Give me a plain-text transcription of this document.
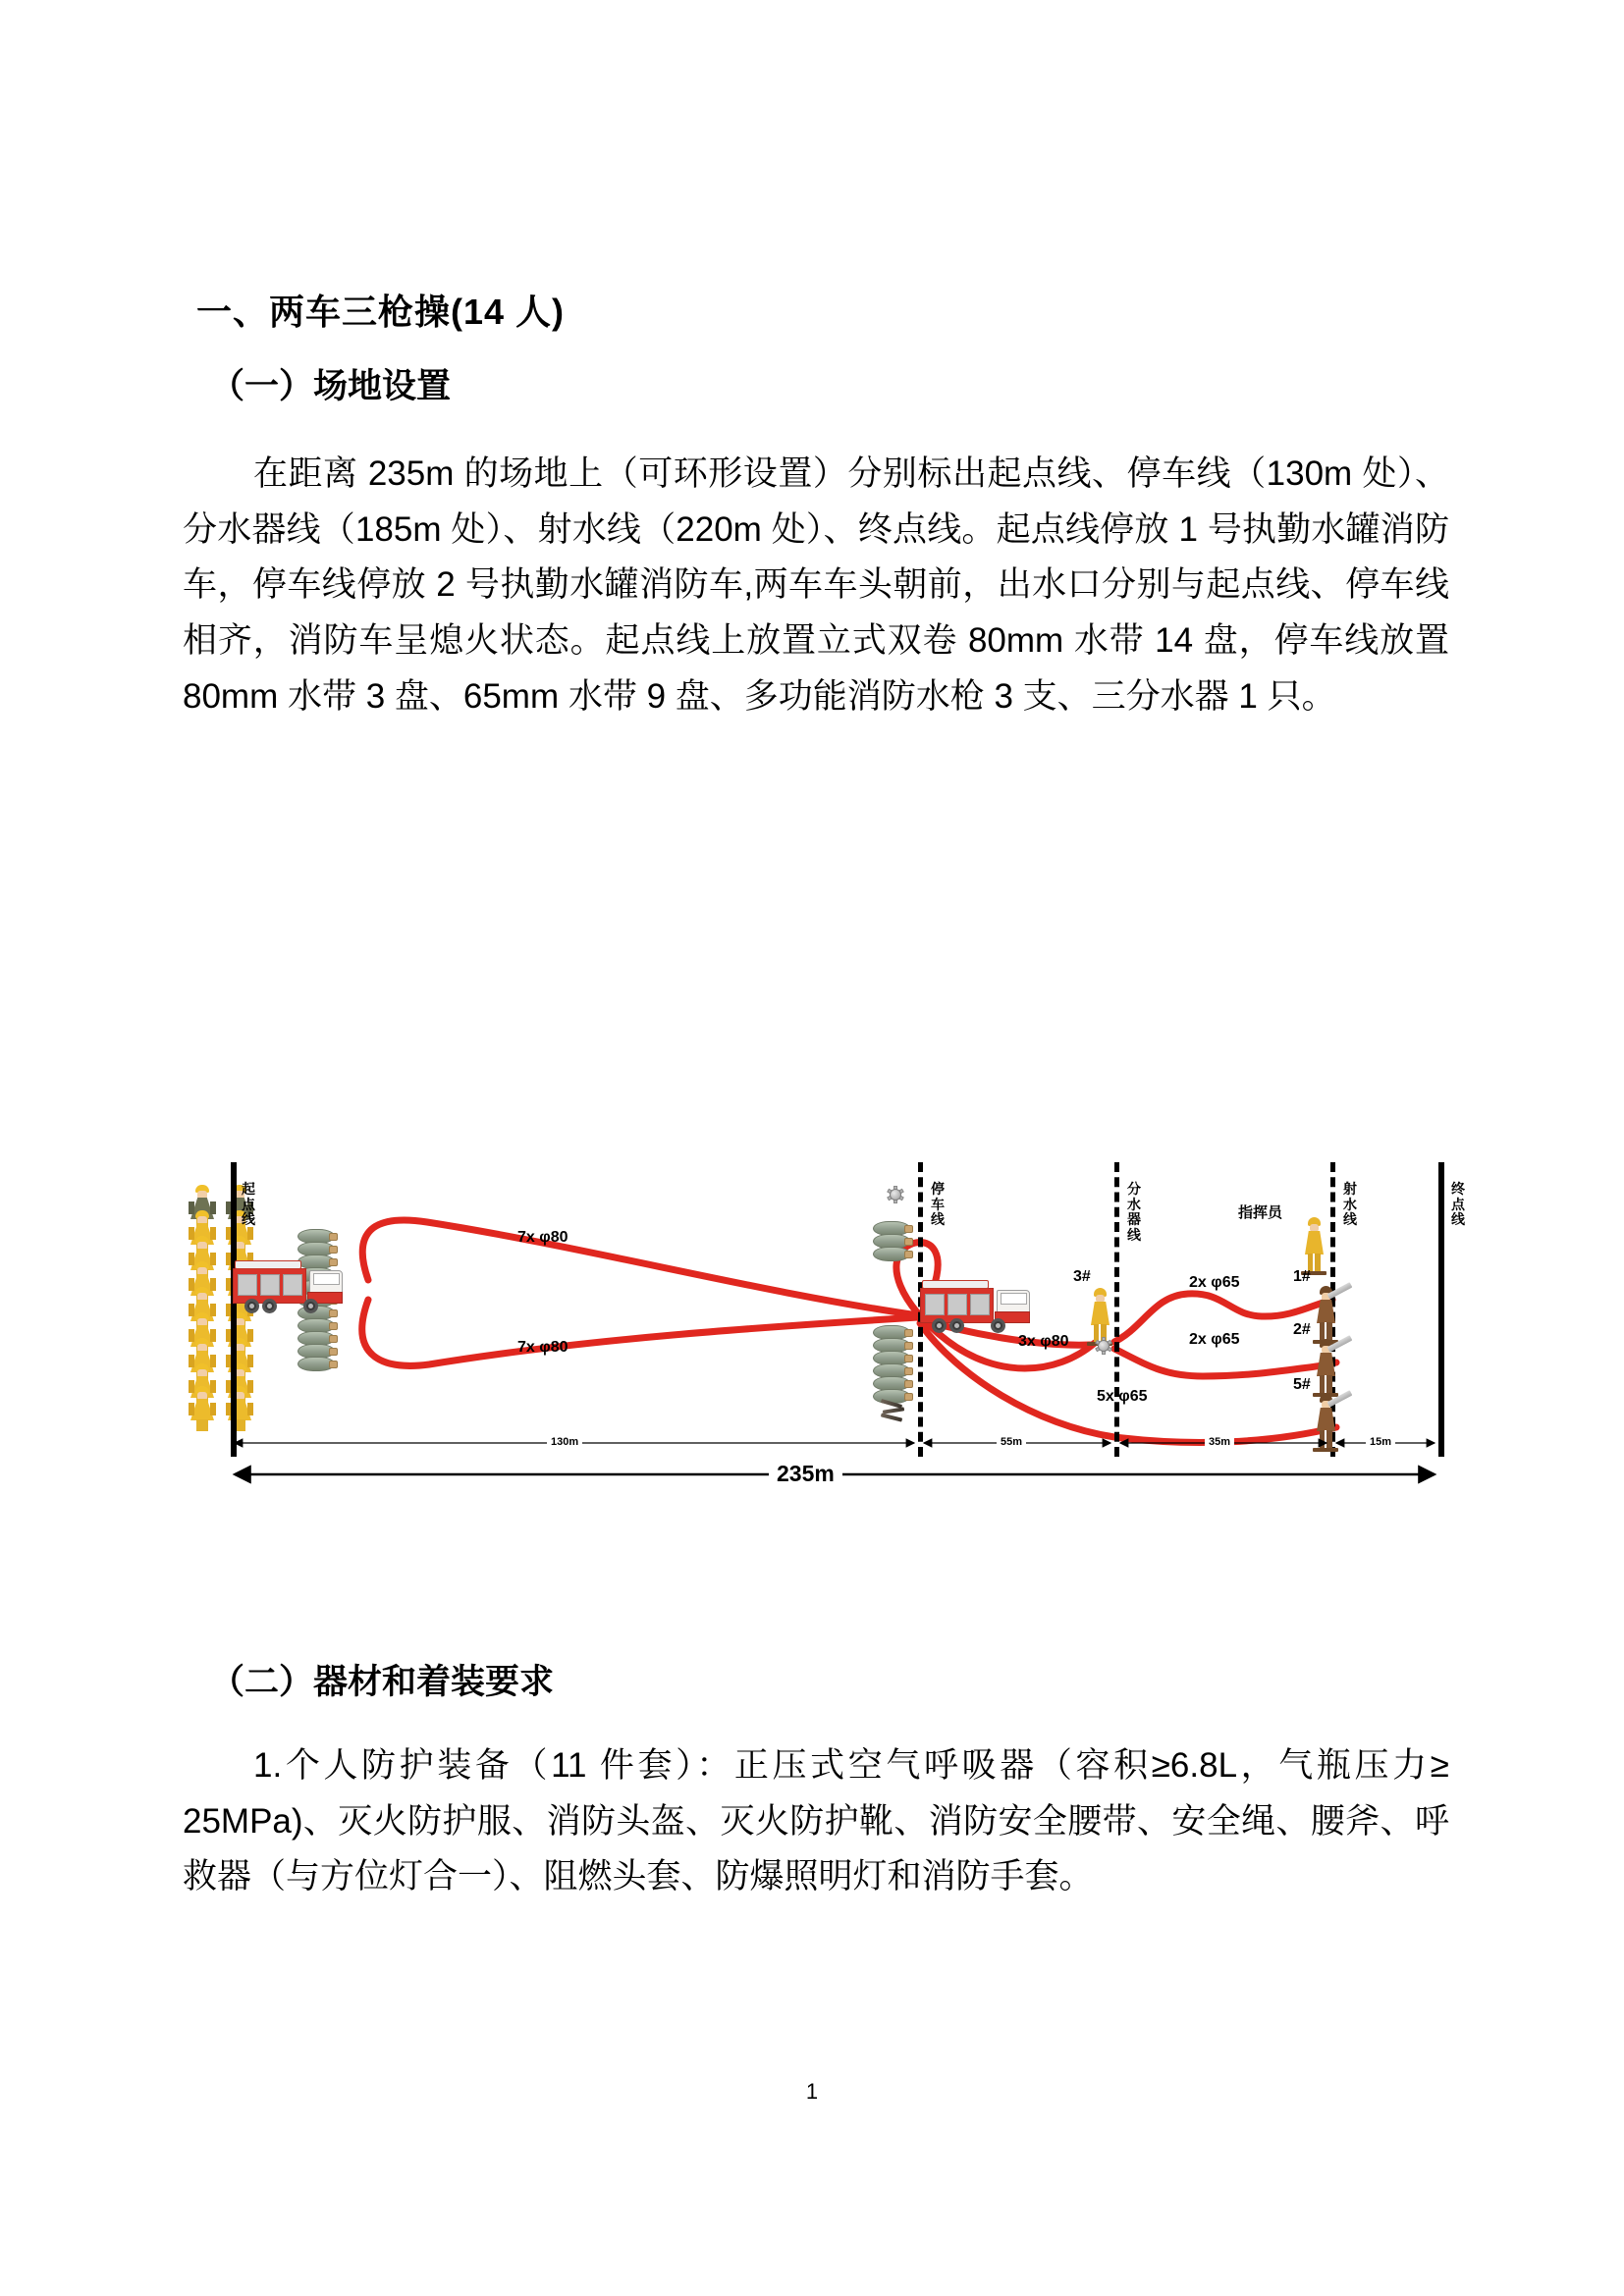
一、两车三枪操(14 人)
（一）场地设置

在距离 235m 的场地上（可环形设置）分别标出起点线、停车线（130m 处）、分水器线（185m 处）、射水线（220m 处）、终点线。起点线停放 1 号执勤水罐消防车，停车线停放 2 号执勤水罐消防车,两车车头朝前，出水口分别与起点线、停车线相齐，消防车呈熄火状态。起点线上放置立式双卷 80mm 水带 14 盘，停车线放置 80mm 水带 3 盘、65mm 水带 9 盘、多功能消防水枪 3 支、三分水器 1 只。

起点线
停车线
分水器线
射水线
终点线
3#
指挥员
1#
2#
5#
7x φ80
7x φ80	3x φ80
5x φ65
2x φ65
2x φ65
130m	55m	35m	15m
235m
（二）器材和着装要求

1.个人防护装备（11 件套）：正压式空气呼吸器（容积≥6.8L，气瓶压力≥ 25MPa)、灭火防护服、消防头盔、灭火防护靴、消防安全腰带、安全绳、腰斧、呼救器（与方位灯合一）、阻燃头套、防爆照明灯和消防手套。

1
